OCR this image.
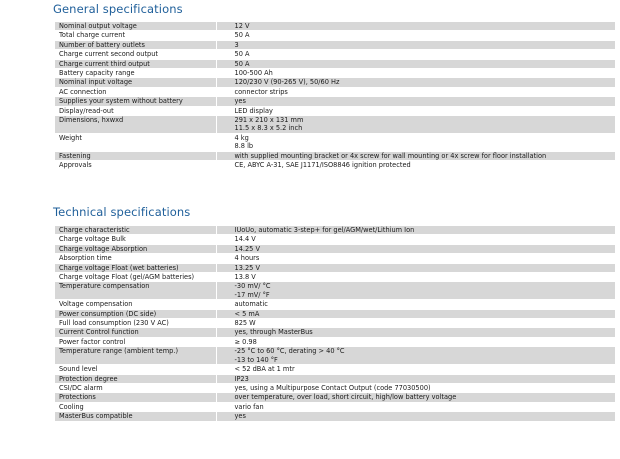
General specifications
Nominal output voltage	12 V

Total charge current	50 A

Number of battery outlets	3

Charge current second output	50 A

Charge current third output	50 A

Battery capacity range	100-500 Ah

Nominal input voltage	120/230 V (90-265 V), 50/60 Hz

AC connection	connector strips

Supplies your system without battery	yes

Display/read-out	LED display

Dimensions, hxwxd	291 x 210 x 131 mm
11.5 x 8.3 x 5.2 inch

Weight	4 kg
8.8 lb

Fastening	with supplied mounting bracket or 4x screw for wall mounting or 4x screw for floor installation

Approvals	CE, ABYC A-31, SAE J1171/ISO8846 ignition protected
Technical specifications
Charge characteristic	IUoUo, automatic 3-step+ for gel/AGM/wet/Lithium Ion

Charge voltage Bulk	14.4 V

Charge voltage Absorption	14.25 V

Absorption time	4 hours

Charge voltage Float (wet batteries)	13.25 V

Charge voltage Float (gel/AGM batteries)	13.8 V

Temperature compensation	-30 mV/ °C
-17 mV/ °F

Voltage compensation	automatic

Power consumption (DC side)	< 5 mA

Full load consumption (230 V AC)	825 W

Current Control function	yes, through MasterBus

Power factor control	≥ 0.98

Temperature range (ambient temp.)	-25 °C to 60 °C, derating > 40 °C
-13 to 140 °F

Sound level	< 52 dBA at 1 mtr

Protection degree	IP23

CSI/DC alarm	yes, using a Multipurpose Contact Output (code 77030500)

Protections	over temperature, over load, short circuit, high/low battery voltage

Cooling	vario fan

MasterBus compatible	yes
